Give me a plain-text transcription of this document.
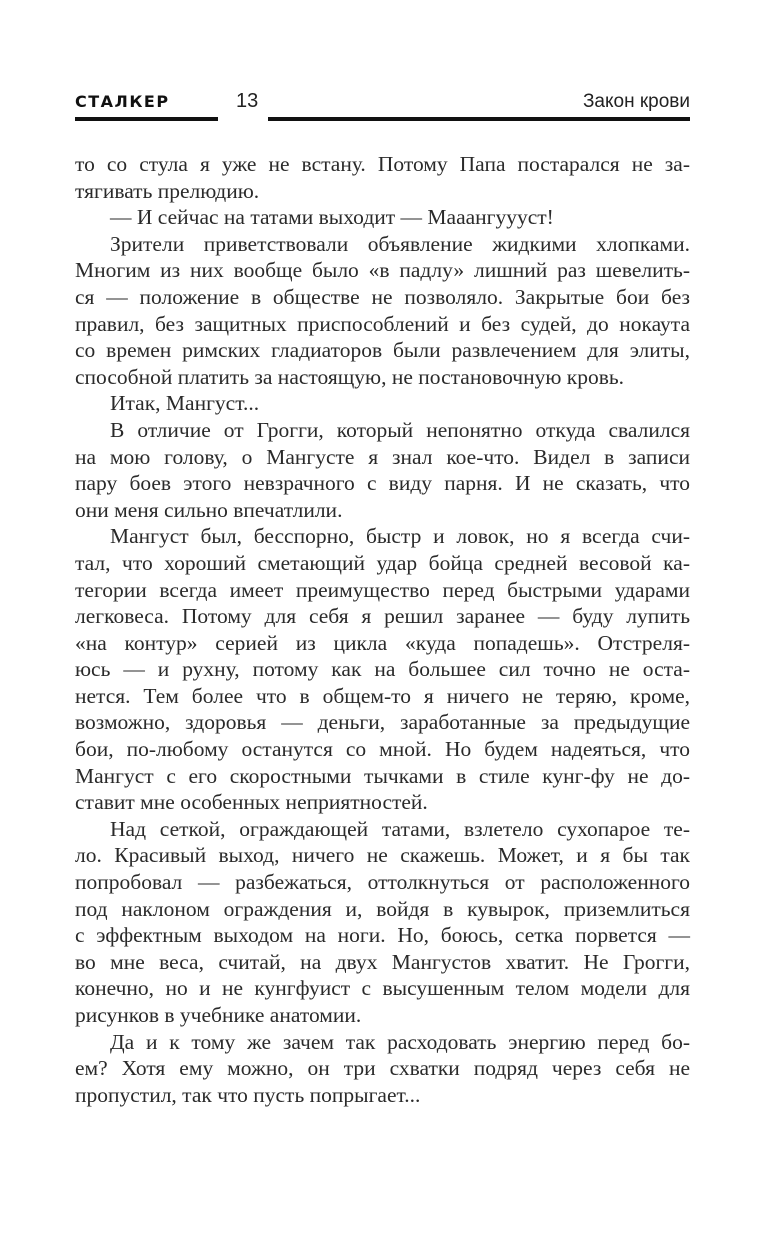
СТАЛКЕР	13	Закон крови
то со стула я уже не встану. Потому Папа постарался не за-
тягивать прелюдию.
— И сейчас на татами выходит — Мааангуууст!
Зрители приветствовали объявление жидкими хлопками.
Многим из них вообще было «в падлу» лишний раз шевелить-
ся — положение в обществе не позволяло. Закрытые бои без
правил, без защитных приспособлений и без судей, до нокаута
со времен римских гладиаторов были развлечением для элиты,
способной платить за настоящую, не постановочную кровь.
Итак, Мангуст...
В отличие от Грогги, который непонятно откуда свалился
на мою голову, о Мангусте я знал кое-что. Видел в записи
пару боев этого невзрачного с виду парня. И не сказать, что
они меня сильно впечатлили.
Мангуст был, бесспорно, быстр и ловок, но я всегда счи-
тал, что хороший сметающий удар бойца средней весовой ка-
тегории всегда имеет преимущество перед быстрыми ударами
легковеса. Потому для себя я решил заранее — буду лупить
«на контур» серией из цикла «куда попадешь». Отстреля-
юсь — и рухну, потому как на большее сил точно не оста-
нется. Тем более что в общем-то я ничего не теряю, кроме,
возможно, здоровья — деньги, заработанные за предыдущие
бои, по-любому останутся со мной. Но будем надеяться, что
Мангуст с его скоростными тычками в стиле кунг-фу не до-
ставит мне особенных неприятностей.
Над сеткой, ограждающей татами, взлетело сухопарое те-
ло. Красивый выход, ничего не скажешь. Может, и я бы так
попробовал — разбежаться, оттолкнуться от расположенного
под наклоном ограждения и, войдя в кувырок, приземлиться
с эффектным выходом на ноги. Но, боюсь, сетка порвется —
во мне веса, считай, на двух Мангустов хватит. Не Грогги,
конечно, но и не кунгфуист с высушенным телом модели для
рисунков в учебнике анатомии.
Да и к тому же зачем так расходовать энергию перед бо-
ем? Хотя ему можно, он три схватки подряд через себя не
пропустил, так что пусть попрыгает...
